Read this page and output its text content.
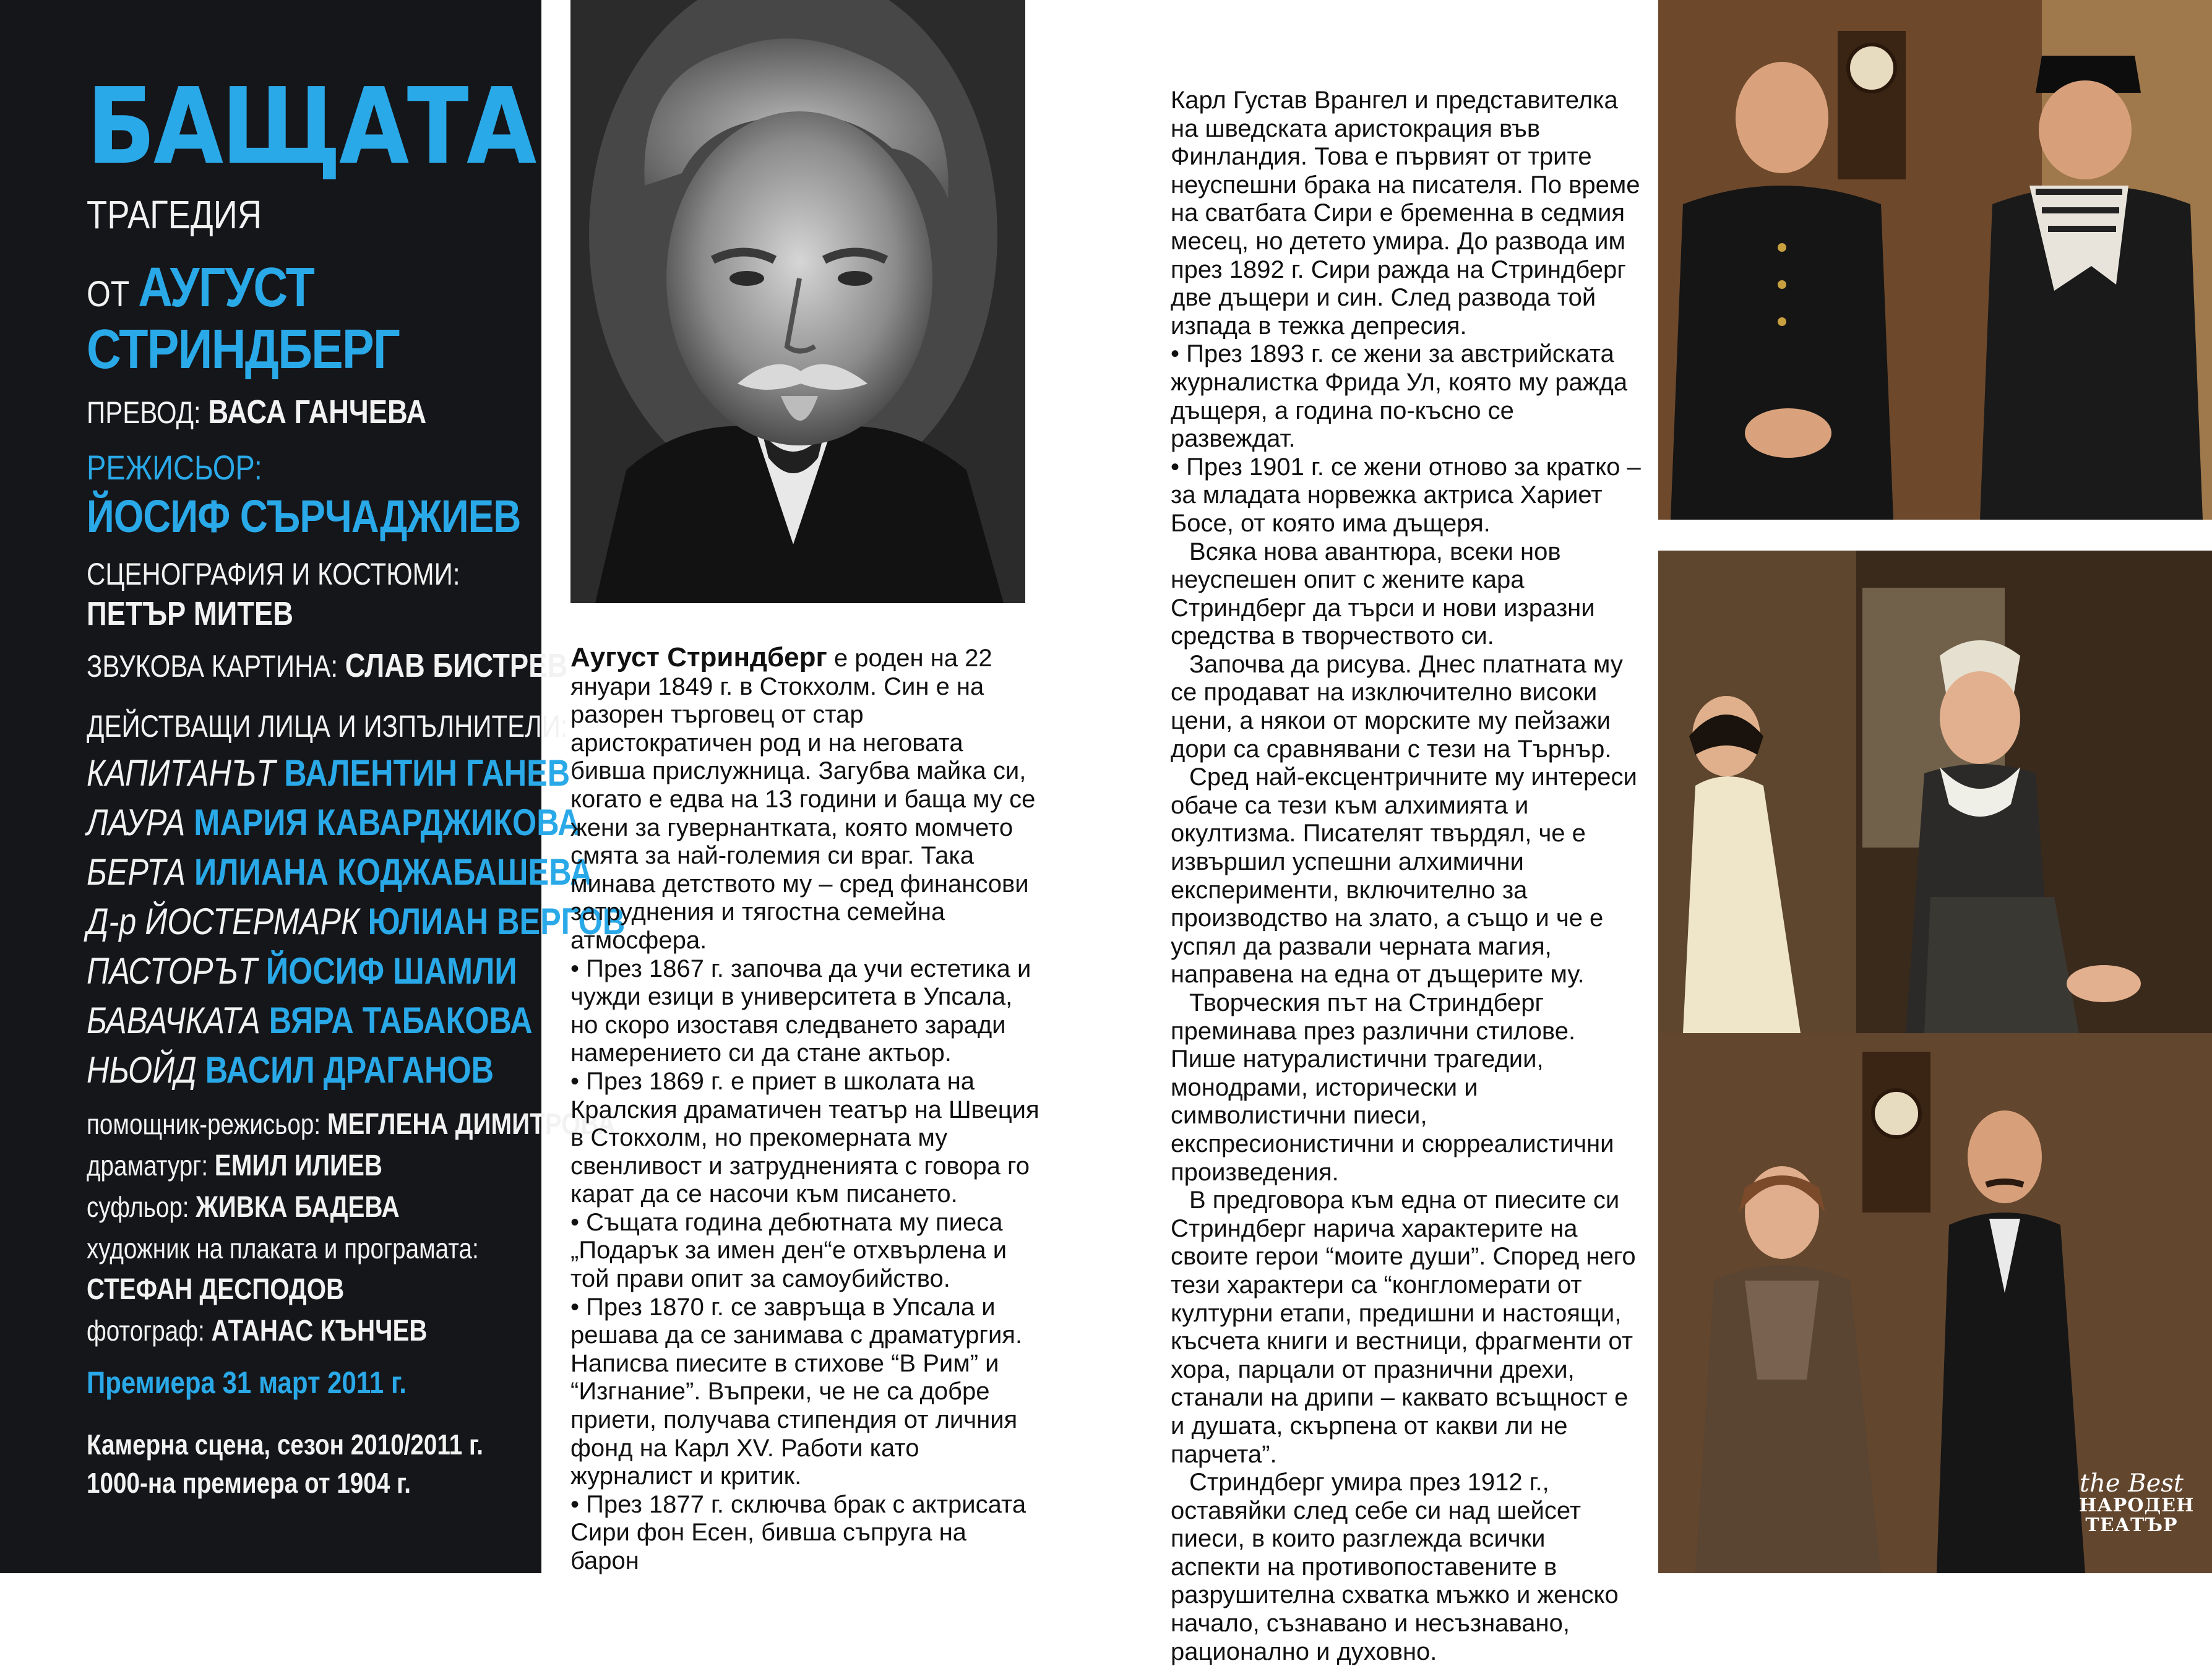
БАЩАТА
ТРАГЕДИЯ
ОТ АУГУСТ
СТРИНДБЕРГ
ПРЕВОД: ВАСА ГАНЧЕВА
РЕЖИСЬОР:
ЙОСИФ СЪРЧАДЖИЕВ
СЦЕНОГРАФИЯ И КОСТЮМИ:
ПЕТЪР МИТЕВ
ЗВУКОВА КАРТИНА: СЛАВ БИСТРЕВ
ДЕЙСТВАЩИ ЛИЦА И ИЗПЪЛНИТЕЛИ:
КАПИТАНЪТ ВАЛЕНТИН ГАНЕВ
ЛАУРА МАРИЯ КАВАРДЖИКОВА
БЕРТА ИЛИАНА КОДЖАБАШЕВА
Д-р ЙОСТЕРМАРК ЮЛИАН ВЕРГОВ
ПАСТОРЪТ ЙОСИФ ШАМЛИ
БАВАЧКАТА ВЯРА ТАБАКОВА
НЬОЙД ВАСИЛ ДРАГАНОВ
помощник-режисьор: МЕГЛЕНА ДИМИТРОВА
драматург: ЕМИЛ ИЛИЕВ
суфльор: ЖИВКА БАДЕВА
художник на плаката и програмата:
СТЕФАН ДЕСПОДОВ
фотограф: АТАНАС КЪНЧЕВ
Премиера 31 март 2011 г.
Камерна сцена, сезон 2010/2011 г.
1000-на премиера от 1904 г.

Аугуст Стриндберг е роден на 22 януари 1849 г. в Стокхолм. Син е на разорен търговец от стар аристократичен род и на неговата бивша прислужница. Загубва майка си, когато е едва на 13 години и баща му се жени за гувернантката, която момчето смята за най-големия си враг. Така минава детството му – сред финансови затруднения и тягостна семейна атмосфера.

• През 1867 г. започва да учи естетика и чужди езици в университета в Упсала, но скоро изоставя следването заради намерението си да стане актьор.

• През 1869 г. е приет в школата на Кралския драматичен театър на Швеция в Стокхолм, но прекомерната му свенливост и затрудненията с говора го карат да се насочи към писането.

• Същата година дебютната му пиеса „Подарък за имен ден“е отхвърлена и той прави опит за самоубийство.

• През 1870 г. се завръща в Упсала и решава да се занимава с драматургия. Написва пиесите в стихове “В Рим” и “Изгнание”. Въпреки, че не са добре приети, получава стипендия от личния фонд на Карл XV. Работи като журналист и критик.

• През 1877 г. сключва брак с актрисата Сири фон Есен, бивша съпруга на барон

Карл Густав Врангел и представителка на шведската аристокрация във Финландия. Това е първият от трите неуспешни брака на писателя. По време на сватбата Сири е бременна в седмия месец, но детето умира. До развода им през 1892 г. Сири ражда на Стриндберг две дъщери и син. След развода той изпада в тежка депресия.

• През 1893 г. се жени за австрийската журналистка Фрида Ул, която му ражда дъщеря, а година по-късно се развеждат.

• През 1901 г. се жени отново за кратко – за младата норвежка актриса Хариет Босе, от която има дъщеря.

Всяка нова авантюра, всеки нов неуспешен опит с жените кара Стриндберг да търси и нови изразни средства в творчеството си.

Започва да рисува. Днес платната му се продават на изключително високи цени, а някои от морските му пейзажи дори са сравнявани с тези на Търнър.

Сред най-ексцентричните му интереси обаче са тези към алхимията и окултизма. Писателят твърдял, че е извършил успешни алхимични експерименти, включително за производство на злато, а също и че е успял да развали черната магия, направена на една от дъщерите му.

Творческия път на Стриндберг преминава през различни стилове. Пише натуралистични трагедии, монодрами, исторически и символистични пиеси, експресионистични и сюрреалистични произведения.

В предговора към една от пиесите си Стриндберг нарича характерите на своите герои “моите души”. Според него тези характери са “конгломерати от културни етапи, предишни и настоящи, късчета книги и вестници, фрагменти от хора, парцали от празнични дрехи, станали на дрипи – каквато всъщност е и душата, скърпена от какви ли не парчета”.

Стриндберг умира през 1912 г., оставяйки след себе си над шейсет пиеси, в които разглежда всички аспекти на противопоставените в разрушителна схватка мъжко и женско начало, съзнавано и несъзнавано, рационално и духовно.

the Best
НАРОДЕН
ТЕАТЪР
